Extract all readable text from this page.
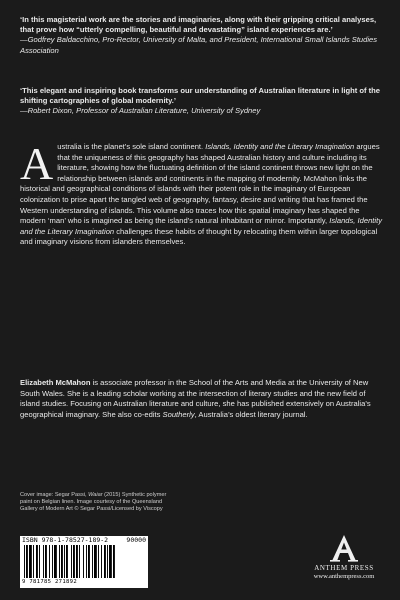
‘In this magisterial work are the stories and imaginaries, along with their gripping critical analyses, that prove how “utterly compelling, beautiful and devastating” island experiences are.’
—Godfrey Baldacchino, Pro-Rector, University of Malta, and President, International Small Islands Studies Association
‘This elegant and inspiring book transforms our understanding of Australian literature in light of the shifting cartographies of global modernity.’
—Robert Dixon, Professor of Australian Literature, University of Sydney

Australia is the planet’s sole island continent. Islands, Identity and the Literary Imagination argues that the uniqueness of this geography has shaped Australian history and culture including its literature, showing how the fluctuating definition of the island continent throws new light on the relationship between islands and continents in the mapping of modernity. McMahon links the historical and geographical conditions of islands with their potent role in the imaginary of European colonization to prise apart the tangled web of geography, fantasy, desire and writing that has framed the Western understanding of islands. This volume also traces how this spatial imaginary has shaped the modern ‘man’ who is imagined as being the island’s natural inhabitant or mirror. Importantly, Islands, Identity and the Literary Imagination challenges these habits of thought by relocating them within larger topological and imaginary visions from islanders themselves.

Elizabeth McMahon is associate professor in the School of the Arts and Media at the University of New South Wales. She is a leading scholar working at the intersection of literary studies and the new field of island studies. Focusing on Australian literature and culture, she has published extensively on Australia’s geographical imaginary. She also co-edits Southerly, Australia’s oldest literary journal.

Cover image: Segar Passi, Waiar (2015) Synthetic polymer paint on Belgian linen. Image courtesy of the Queensland Gallery of Modern Art © Segar Passi/Licensed by Viscopy
ISBN 978-1-78527-189-2	90000
9 781785 271892
ANTHEM PRESS
www.anthempress.com
